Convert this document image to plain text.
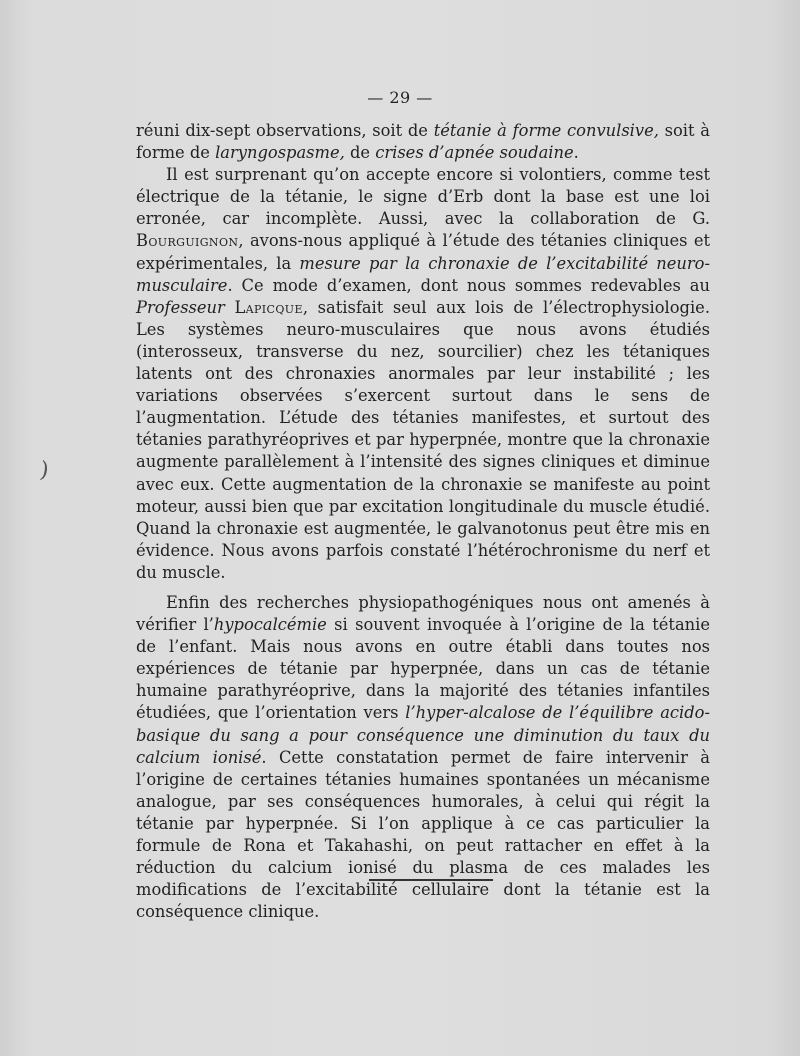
— 29 —
)

réuni dix-sept observations, soit de tétanie à forme convulsive, soit à forme de laryngospasme, de crises d’apnée soudaine.

Il est surprenant qu’on accepte encore si volontiers, comme test électrique de la tétanie, le signe d’Erb dont la base est une loi erronée, car incomplète. Aussi, avec la collaboration de G. Bourguignon, avons-nous appliqué à l’étude des tétanies cliniques et expérimentales, la mesure par la chronaxie de l’excitabilité neuro-musculaire. Ce mode d’examen, dont nous sommes redevables au Professeur Lapicque, satisfait seul aux lois de l’électrophysiologie. Les systèmes neuro-musculaires que nous avons étudiés (interosseux, transverse du nez, sourcilier) chez les tétaniques latents ont des chronaxies anormales par leur instabilité ; les variations observées s’exercent surtout dans le sens de l’augmentation. L’étude des tétanies manifestes, et surtout des tétanies parathyréoprives et par hyperpnée, montre que la chronaxie augmente parallèlement à l’intensité des signes cliniques et diminue avec eux. Cette augmentation de la chronaxie se manifeste au point moteur, aussi bien que par excitation longitudinale du muscle étudié. Quand la chronaxie est augmentée, le galvanotonus peut être mis en évidence. Nous avons parfois constaté l’hétérochronisme du nerf et du muscle.

Enfin des recherches physiopathogéniques nous ont amenés à vérifier l’hypocalcémie si souvent invoquée à l’origine de la tétanie de l’enfant. Mais nous avons en outre établi dans toutes nos expériences de tétanie par hyperpnée, dans un cas de tétanie humaine parathyréoprive, dans la majorité des tétanies infantiles étudiées, que l’orientation vers l’hyper-alcalose de l’équilibre acido-basique du sang a pour conséquence une diminution du taux du calcium ionisé. Cette constatation permet de faire intervenir à l’origine de certaines tétanies humaines spontanées un mécanisme analogue, par ses conséquences humorales, à celui qui régit la tétanie par hyperpnée. Si l’on applique à ce cas particulier la formule de Rona et Takahashi, on peut rattacher en effet à la réduction du calcium ionisé du plasma de ces malades les modifications de l’excitabilité cellulaire dont la tétanie est la conséquence clinique.
